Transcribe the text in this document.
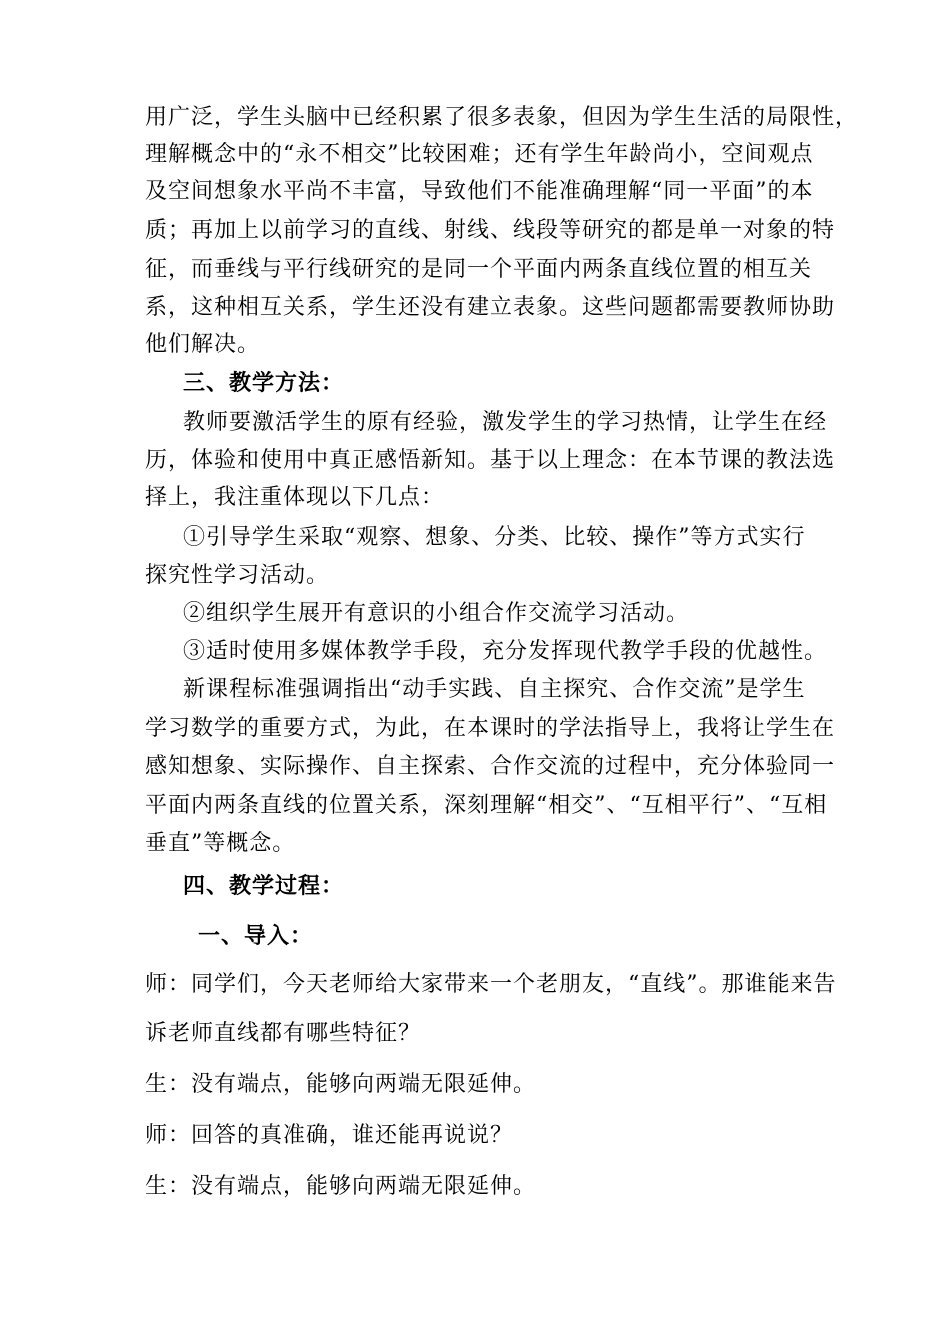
用广泛，学生头脑中已经积累了很多表象，但因为学生生活的局限性，
理解概念中的“永不相交”比较困难；还有学生年龄尚小，空间观点
及空间想象水平尚不丰富，导致他们不能准确理解“同一平面”的本
质；再加上以前学习的直线、射线、线段等研究的都是单一对象的特
征，而垂线与平行线研究的是同一个平面内两条直线位置的相互关
系，这种相互关系，学生还没有建立表象。这些问题都需要教师协助
他们解决。
三、教学方法：
教师要激活学生的原有经验，激发学生的学习热情，让学生在经
历，体验和使用中真正感悟新知。基于以上理念：在本节课的教法选
择上，我注重体现以下几点：
①引导学生采取“观察、想象、分类、比较、操作”等方式实行
探究性学习活动。
②组织学生展开有意识的小组合作交流学习活动。
③适时使用多媒体教学手段，充分发挥现代教学手段的优越性。
新课程标准强调指出“动手实践、自主探究、合作交流”是学生
学习数学的重要方式，为此，在本课时的学法指导上，我将让学生在
感知想象、实际操作、自主探索、合作交流的过程中，充分体验同一
平面内两条直线的位置关系，深刻理解“相交”、“互相平行”、“互相
垂直”等概念。
四、教学过程：
一、导入：
师：同学们，今天老师给大家带来一个老朋友，“直线”。那谁能来告
诉老师直线都有哪些特征？
生：没有端点，能够向两端无限延伸。
师：回答的真准确，谁还能再说说？
生：没有端点，能够向两端无限延伸。
